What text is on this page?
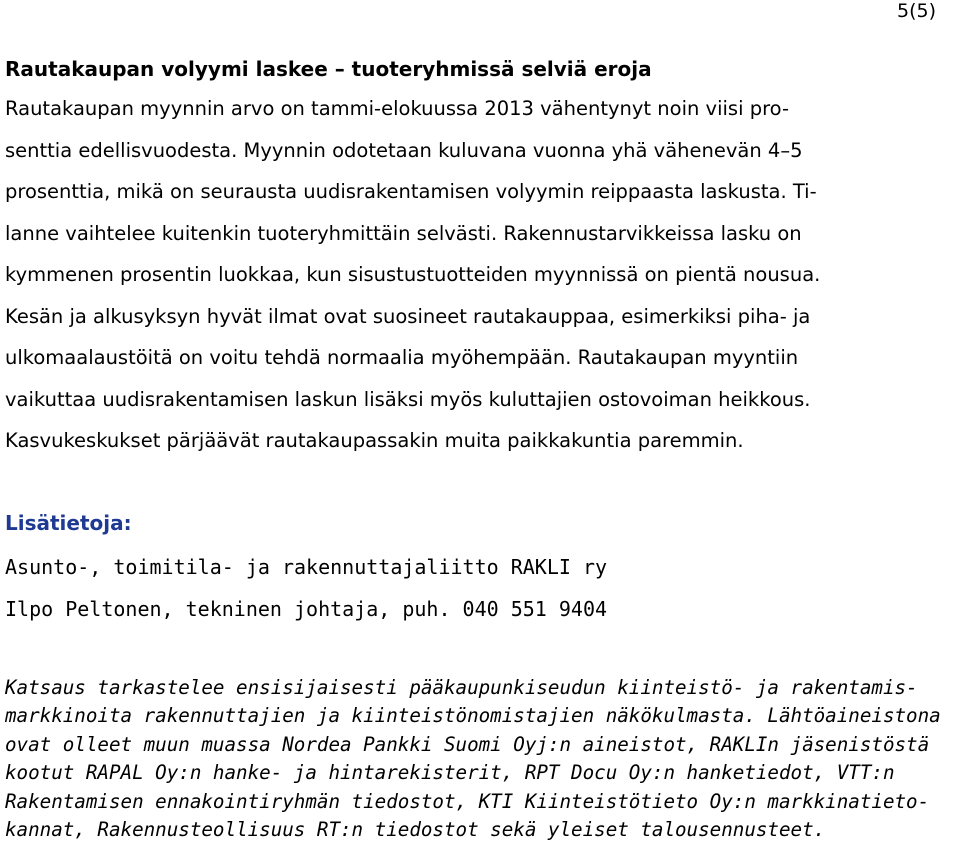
5(5)
Rautakaupan volyymi laskee – tuoteryhmissä selviä eroja
Rautakaupan myynnin arvo on tammi-elokuussa 2013 vähentynyt noin viisi pro-
senttia edellisvuodesta. Myynnin odotetaan kuluvana vuonna yhä vähenevän 4–5
prosenttia, mikä on seurausta uudisrakentamisen volyymin reippaasta laskusta. Ti-
lanne vaihtelee kuitenkin tuoteryhmittäin selvästi. Rakennustarvikkeissa lasku on
kymmenen prosentin luokkaa, kun sisustustuotteiden myynnissä on pientä nousua.
Kesän ja alkusyksyn hyvät ilmat ovat suosineet rautakauppaa, esimerkiksi piha- ja
ulkomaalaustöitä on voitu tehdä normaalia myöhempään. Rautakaupan myyntiin
vaikuttaa uudisrakentamisen laskun lisäksi myös kuluttajien ostovoiman heikkous.
Kasvukeskukset pärjäävät rautakaupassakin muita paikkakuntia paremmin.
Lisätietoja:
Asunto-, toimitila- ja rakennuttajaliitto RAKLI ry
Ilpo Peltonen, tekninen johtaja, puh. 040 551 9404
Katsaus tarkastelee ensisijaisesti pääkaupunkiseudun kiinteistö- ja rakentamis-
markkinoita rakennuttajien ja kiinteistönomistajien näkökulmasta. Lähtöaineistona
ovat olleet muun muassa Nordea Pankki Suomi Oyj:n aineistot, RAKLIn jäsenistöstä
kootut RAPAL Oy:n hanke- ja hintarekisterit, RPT Docu Oy:n hanketiedot, VTT:n
Rakentamisen ennakointiryhmän tiedostot, KTI Kiinteistötieto Oy:n markkinatieto-
kannat, Rakennusteollisuus RT:n tiedostot sekä yleiset talousennusteet.
